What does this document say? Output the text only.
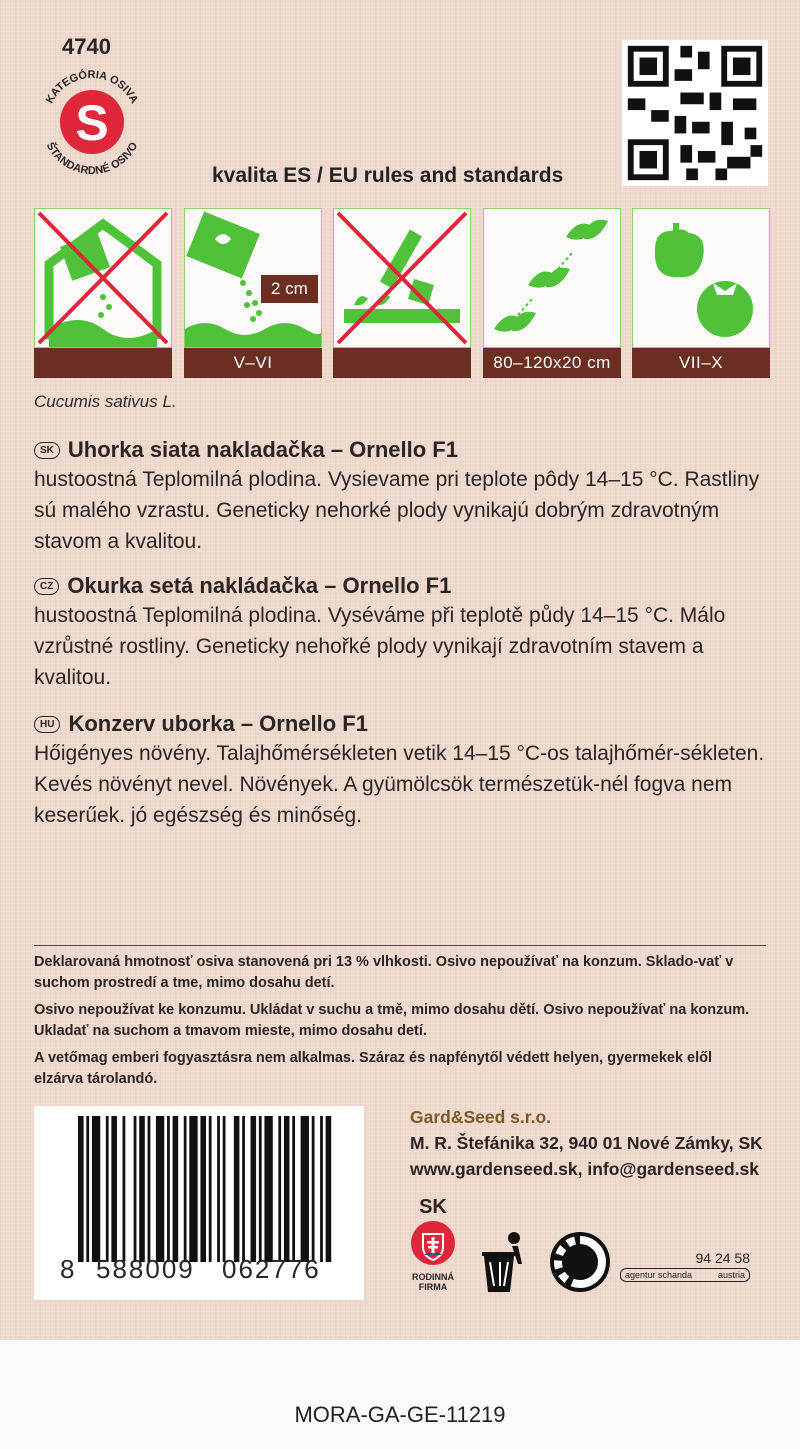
4740
S
KATEGÓRIA OSIVA
ŠTANDARDNÉ OSIVO
kvalita ES / EU rules and standards
2 cm
V–VI	80–120x20 cm	VII–X
Cucumis sativus L.
SK Uhorka siata nakladačka – Ornello F1
hustoostná Teplomilná plodina. Vysievame pri teplote pôdy 14–15 °C. Rastliny sú malého vzrastu. Geneticky nehorké plody vynikajú dobrým zdravotným stavom a kvalitou.
CZ Okurka setá nakládačka – Ornello F1
hustoostná Teplomilná plodina. Vyséváme při teplotě půdy 14–15 °C. Málo vzrůstné rostliny. Geneticky nehořké plody vynikají zdravotním stavem a kvalitou.
HU Konzerv uborka – Ornello F1
Hőigényes növény. Talajhőmérsékleten vetik 14–15 °C-os talajhőmér-sékleten. Kevés növényt nevel. Növények. A gyümölcsök természetük-nél fogva nem keserűek. jó egészség és minőség.

Deklarovaná hmotnosť osiva stanovená pri 13 % vlhkosti. Osivo nepoužívať na konzum. Sklado-vať v suchom prostredí a tme, mimo dosahu detí.

Osivo nepoužívat ke konzumu. Ukládat v suchu a tmě, mimo dosahu dětí. Osivo nepoužívať na konzum. Ukladať na suchom a tmavom mieste, mimo dosahu detí.

A vetőmag emberi fogyasztásra nem alkalmas. Száraz és napfénytől védett helyen, gyermekek elől elzárva tárolandó.

8 588009 062776
Gard&Seed s.r.o.
M. R. Štefánika 32, 940 01 Nové Zámky, SK
www.gardenseed.sk, info@gardenseed.sk
SK
RODINNÁ FIRMA
94 24 58
agentur schanda	austria
MORA-GA-GE-11219
